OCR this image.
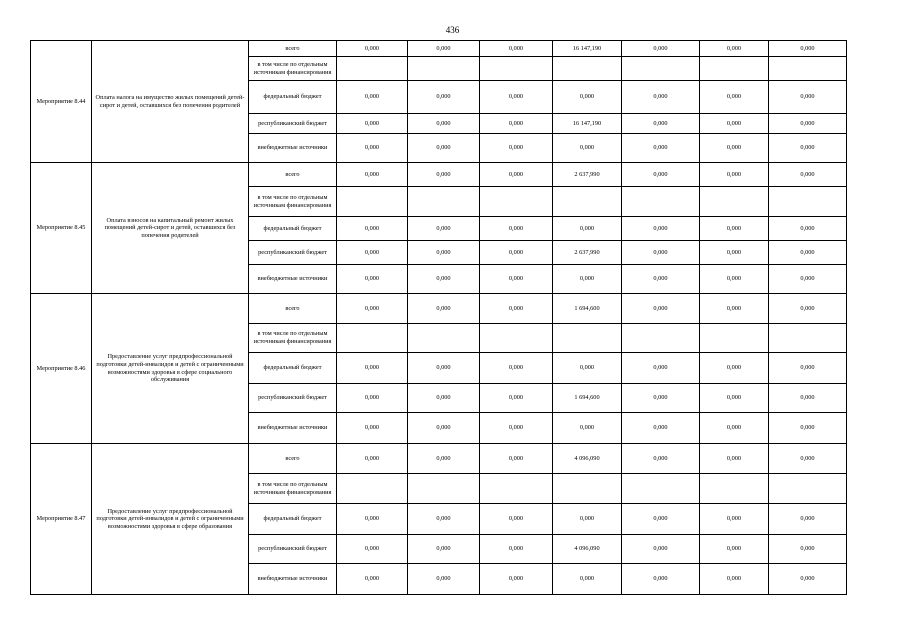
436
Мероприятие 8.44	Оплата налога на имущество жилых помещений детей-сирот и детей, оставшихся без попечения родителей	всего	0,000	0,000	0,000	16 147,190	0,000	0,000	0,000
		в том числе по отдельным источникам финансирования							
		федеральный бюджет	0,000	0,000	0,000	0,000	0,000	0,000	0,000
		республиканский бюджет	0,000	0,000	0,000	16 147,190	0,000	0,000	0,000
		внебюджетные источники	0,000	0,000	0,000	0,000	0,000	0,000	0,000
Мероприятие 8.45	Оплата взносов на капитальный ремонт жилых помещений детей-сирот и детей, оставшихся без попечения родителей	всего	0,000	0,000	0,000	2 637,990	0,000	0,000	0,000
		в том числе по отдельным источникам финансирования							
		федеральный бюджет	0,000	0,000	0,000	0,000	0,000	0,000	0,000
		республиканский бюджет	0,000	0,000	0,000	2 637,990	0,000	0,000	0,000
		внебюджетные источники	0,000	0,000	0,000	0,000	0,000	0,000	0,000
Мероприятие 8.46	Предоставление услуг предпрофессиональной подготовки детей-инвалидов и детей с ограниченными возможностями здоровья в сфере социального обслуживания	всего	0,000	0,000	0,000	1 694,600	0,000	0,000	0,000
		в том числе по отдельным источникам финансирования							
		федеральный бюджет	0,000	0,000	0,000	0,000	0,000	0,000	0,000
		республиканский бюджет	0,000	0,000	0,000	1 694,600	0,000	0,000	0,000
		внебюджетные источники	0,000	0,000	0,000	0,000	0,000	0,000	0,000
Мероприятие 8.47	Предоставление услуг предпрофессиональной подготовки детей-инвалидов и детей с ограниченными возможностями здоровья в сфере образования	всего	0,000	0,000	0,000	4 096,090	0,000	0,000	0,000
		в том числе по отдельным источникам финансирования							
		федеральный бюджет	0,000	0,000	0,000	0,000	0,000	0,000	0,000
		республиканский бюджет	0,000	0,000	0,000	4 096,090	0,000	0,000	0,000
		внебюджетные источники	0,000	0,000	0,000	0,000	0,000	0,000	0,000
